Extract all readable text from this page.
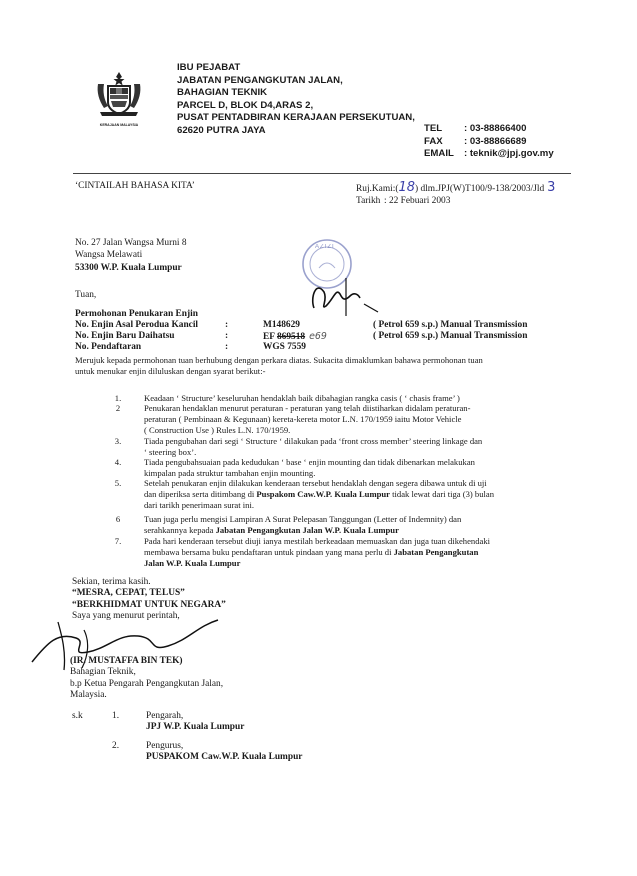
KERAJAAN MALAYSIA
IBU PEJABAT
JABATAN PENGANGKUTAN JALAN,
BAHAGIAN TEKNIK
PARCEL D, BLOK D4,ARAS 2,
PUSAT PENTADBIRAN KERAJAAN PERSEKUTUAN,
62620 PUTRA JAYA	TEL : 03-88866400
FAX : 03-88866689
EMAIL : teknik@jpj.gov.my
‘CINTAILAH BAHASA KITA’	Ruj.Kami:(18) dlm.JPJ(W)T100/9-138/2003/Jld 3
Tarikh : 22 Febuari 2003
No. 27 Jalan Wangsa Murni 8
Wangsa Melawati
53300 W.P. Kuala Lumpur
Tuan,
AZIZI
Permohonan Penukaran Enjin
No. Enjin Asal Perodua Kancil	:	M148629	( Petrol 659 s.p.) Manual Transmission
No. Enjin Baru Daihatsu	:	EF 869518 e69	( Petrol 659 s.p.) Manual Transmission
No. Pendaftaran	:	WGS 7559
Merujuk kepada permohonan tuan berhubung dengan perkara diatas. Sukacita dimaklumkan bahawa permohonan tuan
untuk menukar enjin diluluskan dengan syarat berikut:-
1.	Keadaan ‘ Structure’ keseluruhan hendaklah baik dibahagian rangka casis ( ‘ chasis frame’ )
2	Penukaran hendaklan menurut peraturan - peraturan yang telah diistiharkan didalam peraturan-
peraturan ( Pembinaan & Kegunaan) kereta-kereta motor L.N. 170/1959 iaitu Motor Vehicle
( Construction Use ) Rules L.N. 170/1959.
3.	Tiada pengubahan dari segi ‘ Structure ‘ dilakukan pada ‘front cross member’ steering linkage dan
‘ steering box’.
4.	Tiada pengubahsuaian pada kedudukan ‘ base ‘ enjin mounting dan tidak dibenarkan melakukan
kimpalan pada struktur tambahan enjin mounting.
5.	Setelah penukaran enjin dilakukan kenderaan tersebut hendaklah dengan segera dibawa untuk di uji
dan diperiksa serta ditimbang di Puspakom Caw.W.P. Kuala Lumpur tidak lewat dari tiga (3) bulan
dari tarikh penerimaan surat ini.
6	Tuan juga perlu mengisi Lampiran A Surat Pelepasan Tanggungan (Letter of Indemnity) dan
serahkannya kepada Jabatan Pengangkutan Jalan W.P. Kuala Lumpur
7.	Pada hari kenderaan tersebut diuji ianya mestilah berkeadaan memuaskan dan juga tuan dikehendaki
membawa bersama buku pendaftaran untuk pindaan yang mana perlu di Jabatan Pengangkutan
Jalan W.P. Kuala Lumpur
Sekian, terima kasih.
“MESRA, CEPAT, TELUS”
“BERKHIDMAT UNTUK NEGARA”
Saya yang menurut perintah,
(IR. MUSTAFFA BIN TEK)
Bahagian Teknik,
b.p Ketua Pengarah Pengangkutan Jalan,
Malaysia.
s.k	1.	Pengarah,
JPJ W.P. Kuala Lumpur
2.	Pengurus,
PUSPAKOM Caw.W.P. Kuala Lumpur
